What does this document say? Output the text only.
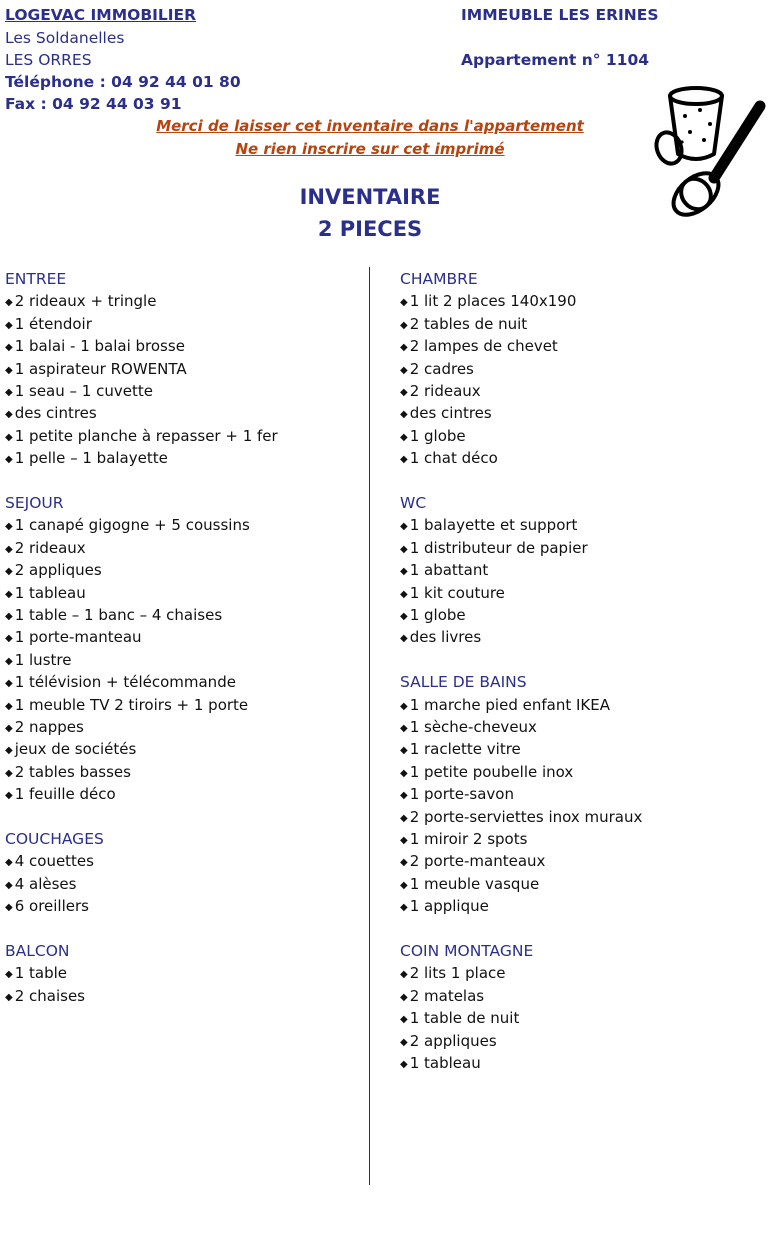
LOGEVAC IMMOBILIER	IMMEUBLE LES ERINES
Les Soldanelles
LES ORRES	Appartement n° 1104
Téléphone : 04 92 44 01 80
Fax : 04 92 44 03 91
Merci de laisser cet inventaire dans l'appartement
Ne rien inscrire sur cet imprimé
INVENTAIRE
2 PIECES
ENTREE
◆ 2 rideaux + tringle
◆ 1 étendoir
◆ 1 balai - 1 balai brosse
◆ 1 aspirateur ROWENTA
◆ 1 seau – 1 cuvette
◆ des cintres
◆ 1 petite planche à repasser + 1 fer
◆ 1 pelle – 1 balayette
SEJOUR
◆ 1 canapé gigogne + 5 coussins
◆ 2 rideaux
◆ 2 appliques
◆ 1 tableau
◆ 1 table – 1 banc – 4 chaises
◆ 1 porte-manteau
◆ 1 lustre
◆ 1 télévision + télécommande
◆ 1 meuble TV 2 tiroirs + 1 porte
◆ 2 nappes
◆ jeux de sociétés
◆ 2 tables basses
◆ 1 feuille déco
COUCHAGES
◆ 4 couettes
◆ 4 alèses
◆ 6 oreillers
BALCON
◆ 1 table
◆ 2 chaises
CHAMBRE
◆ 1 lit 2 places 140x190
◆ 2 tables de nuit
◆ 2 lampes de chevet
◆ 2 cadres
◆ 2 rideaux
◆ des cintres
◆ 1 globe
◆ 1 chat déco
WC
◆ 1 balayette et support
◆ 1 distributeur de papier
◆ 1 abattant
◆ 1 kit couture
◆ 1 globe
◆ des livres
SALLE DE BAINS
◆ 1 marche pied enfant IKEA
◆ 1 sèche-cheveux
◆ 1 raclette vitre
◆ 1 petite poubelle inox
◆ 1 porte-savon
◆ 2 porte-serviettes inox muraux
◆ 1 miroir 2 spots
◆ 2 porte-manteaux
◆ 1 meuble vasque
◆ 1 applique
COIN MONTAGNE
◆ 2 lits 1 place
◆ 2 matelas
◆ 1 table de nuit
◆ 2 appliques
◆ 1 tableau
